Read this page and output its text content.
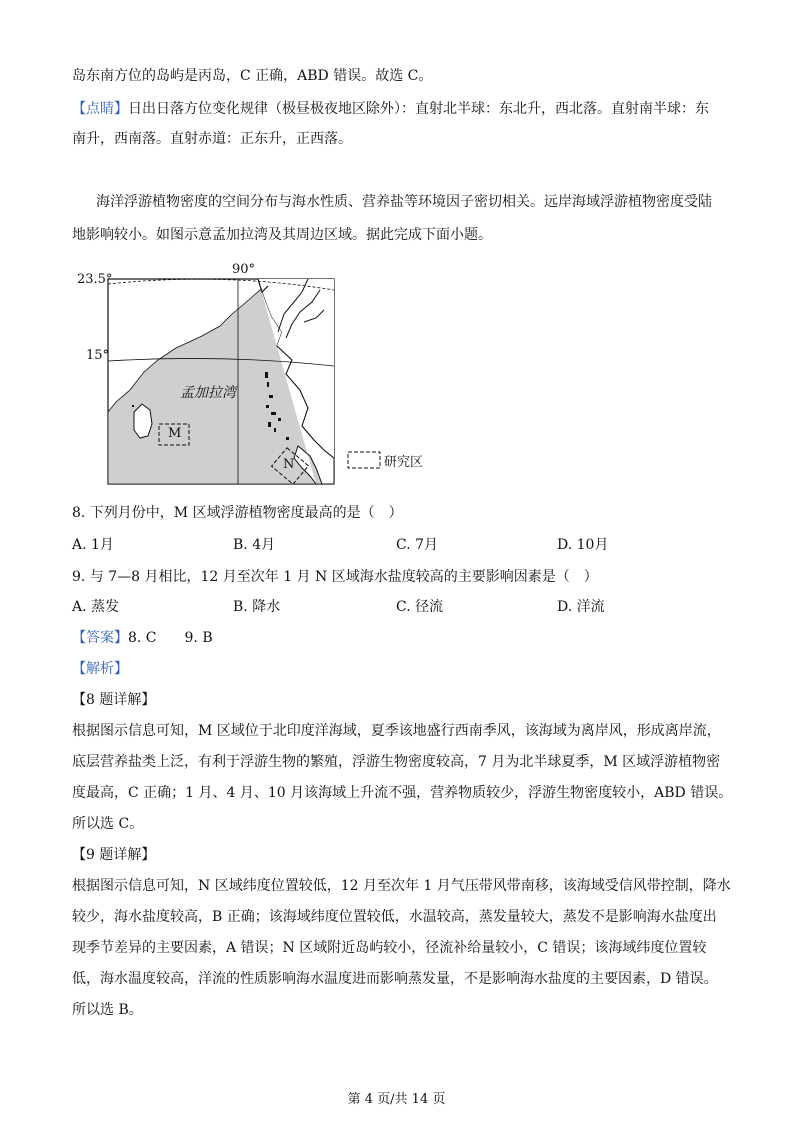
岛东南方位的岛屿是丙岛，C 正确，ABD 错误。故选 C。
【点睛】日出日落方位变化规律（极昼极夜地区除外）：直射北半球：东北升，西北落。直射南半球：东
南升，西南落。直射赤道：正东升，正西落。
海洋浮游植物密度的空间分布与海水性质、营养盐等环境因子密切相关。远岸海域浮游植物密度受陆
地影响较小。如图示意孟加拉湾及其周边区域。据此完成下面小题。
23.5°
15°
90°
孟加拉湾
M
N	研究区
8. 下列月份中，M 区域浮游植物密度最高的是（　）
A. 1月	B. 4月	C. 7月	D. 10月
9. 与 7—8 月相比，12 月至次年 1 月 N 区域海水盐度较高的主要影响因素是（　）
A. 蒸发	B. 降水	C. 径流	D. 洋流
【答案】8. C　　9. B
【解析】
【8 题详解】
根据图示信息可知，M 区域位于北印度洋海域，夏季该地盛行西南季风，该海域为离岸风，形成离岸流，
底层营养盐类上泛，有利于浮游生物的繁殖，浮游生物密度较高，7 月为北半球夏季，M 区域浮游植物密
度最高，C 正确；1 月、4 月、10 月该海域上升流不强，营养物质较少，浮游生物密度较小，ABD 错误。
所以选 C。
【9 题详解】
根据图示信息可知，N 区域纬度位置较低，12 月至次年 1 月气压带风带南移，该海域受信风带控制，降水
较少，海水盐度较高，B 正确；该海域纬度位置较低，水温较高，蒸发量较大，蒸发不是影响海水盐度出
现季节差异的主要因素，A 错误；N 区域附近岛屿较小，径流补给量较小，C 错误；该海域纬度位置较
低，海水温度较高，洋流的性质影响海水温度进而影响蒸发量，不是影响海水盐度的主要因素，D 错误。
所以选 B。
第 4 页/共 14 页
